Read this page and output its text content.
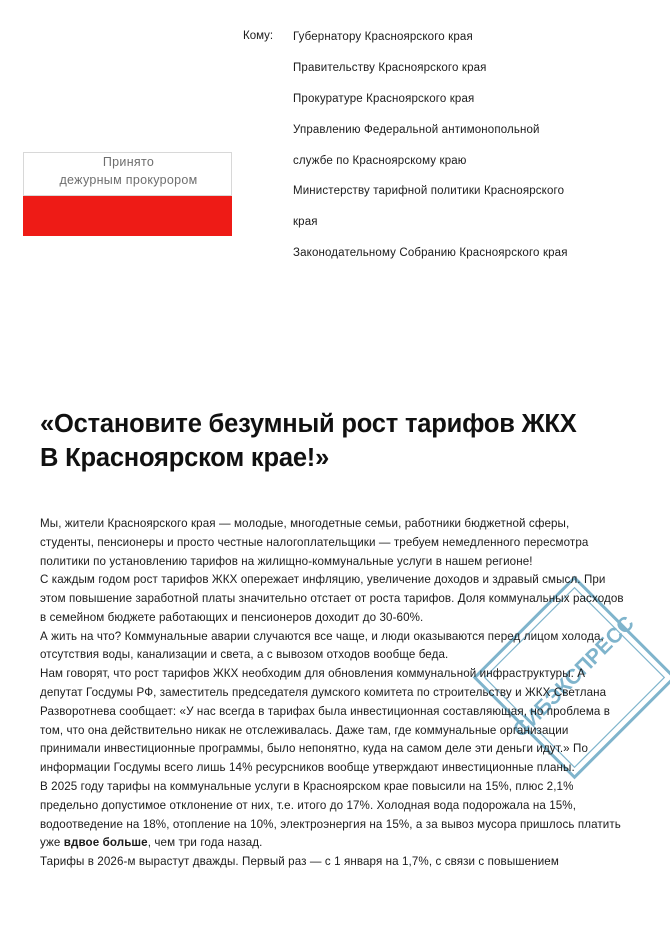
Кому:	Губернатору Красноярского края
Правительству Красноярского края
Прокуратуре Красноярского края
Управлению Федеральной антимонопольной
службе по Красноярскому краю
Министерству тарифной политики Красноярского
края
Законодательному Собранию Красноярского края
Принято
дежурным прокурором
«Остановите безумный рост тарифов ЖКХ В Красноярском крае!»
СИБЭКСПРЕСС

Мы, жители Красноярского края — молодые, многодетные семьи, работники бюджетной сферы, студенты, пенсионеры и просто честные налогоплательщики — требуем немедленного пересмотра политики по установлению тарифов на жилищно-коммунальные услуги в нашем регионе!

С каждым годом рост тарифов ЖКХ опережает инфляцию, увеличение доходов и здравый смысл. При этом повышение заработной платы значительно отстает от роста тарифов. Доля коммунальных расходов в семейном бюджете работающих и пенсионеров доходит до 30-60%.

А жить на что? Коммунальные аварии случаются все чаще, и люди оказываются перед лицом холода, отсутствия воды, канализации и света, а с вывозом отходов вообще беда.

Нам говорят, что рост тарифов ЖКХ необходим для обновления коммунальной инфраструктуры. А депутат Госдумы РФ, заместитель председателя думского комитета по строительству и ЖКХ Светлана Разворотнева сообщает: «У нас всегда в тарифах была инвестиционная составляющая, но проблема в том, что она действительно никак не отслеживалась. Даже там, где коммунальные организации принимали инвестиционные программы, было непонятно, куда на самом деле эти деньги идут.» По информации Госдумы всего лишь 14% ресурсников вообще утверждают инвестиционные планы.

В 2025 году тарифы на коммунальные услуги в Красноярском крае повысили на 15%, плюс 2,1% предельно допустимое отклонение от них, т.е. итого до 17%. Холодная вода подорожала на 15%, водоотведение на 18%, отопление на 10%, электроэнергия на 15%, а за вывоз мусора пришлось платить уже вдвое больше, чем три года назад.

Тарифы в 2026-м вырастут дважды. Первый раз — с 1 января на 1,7%, с связи с повышением
